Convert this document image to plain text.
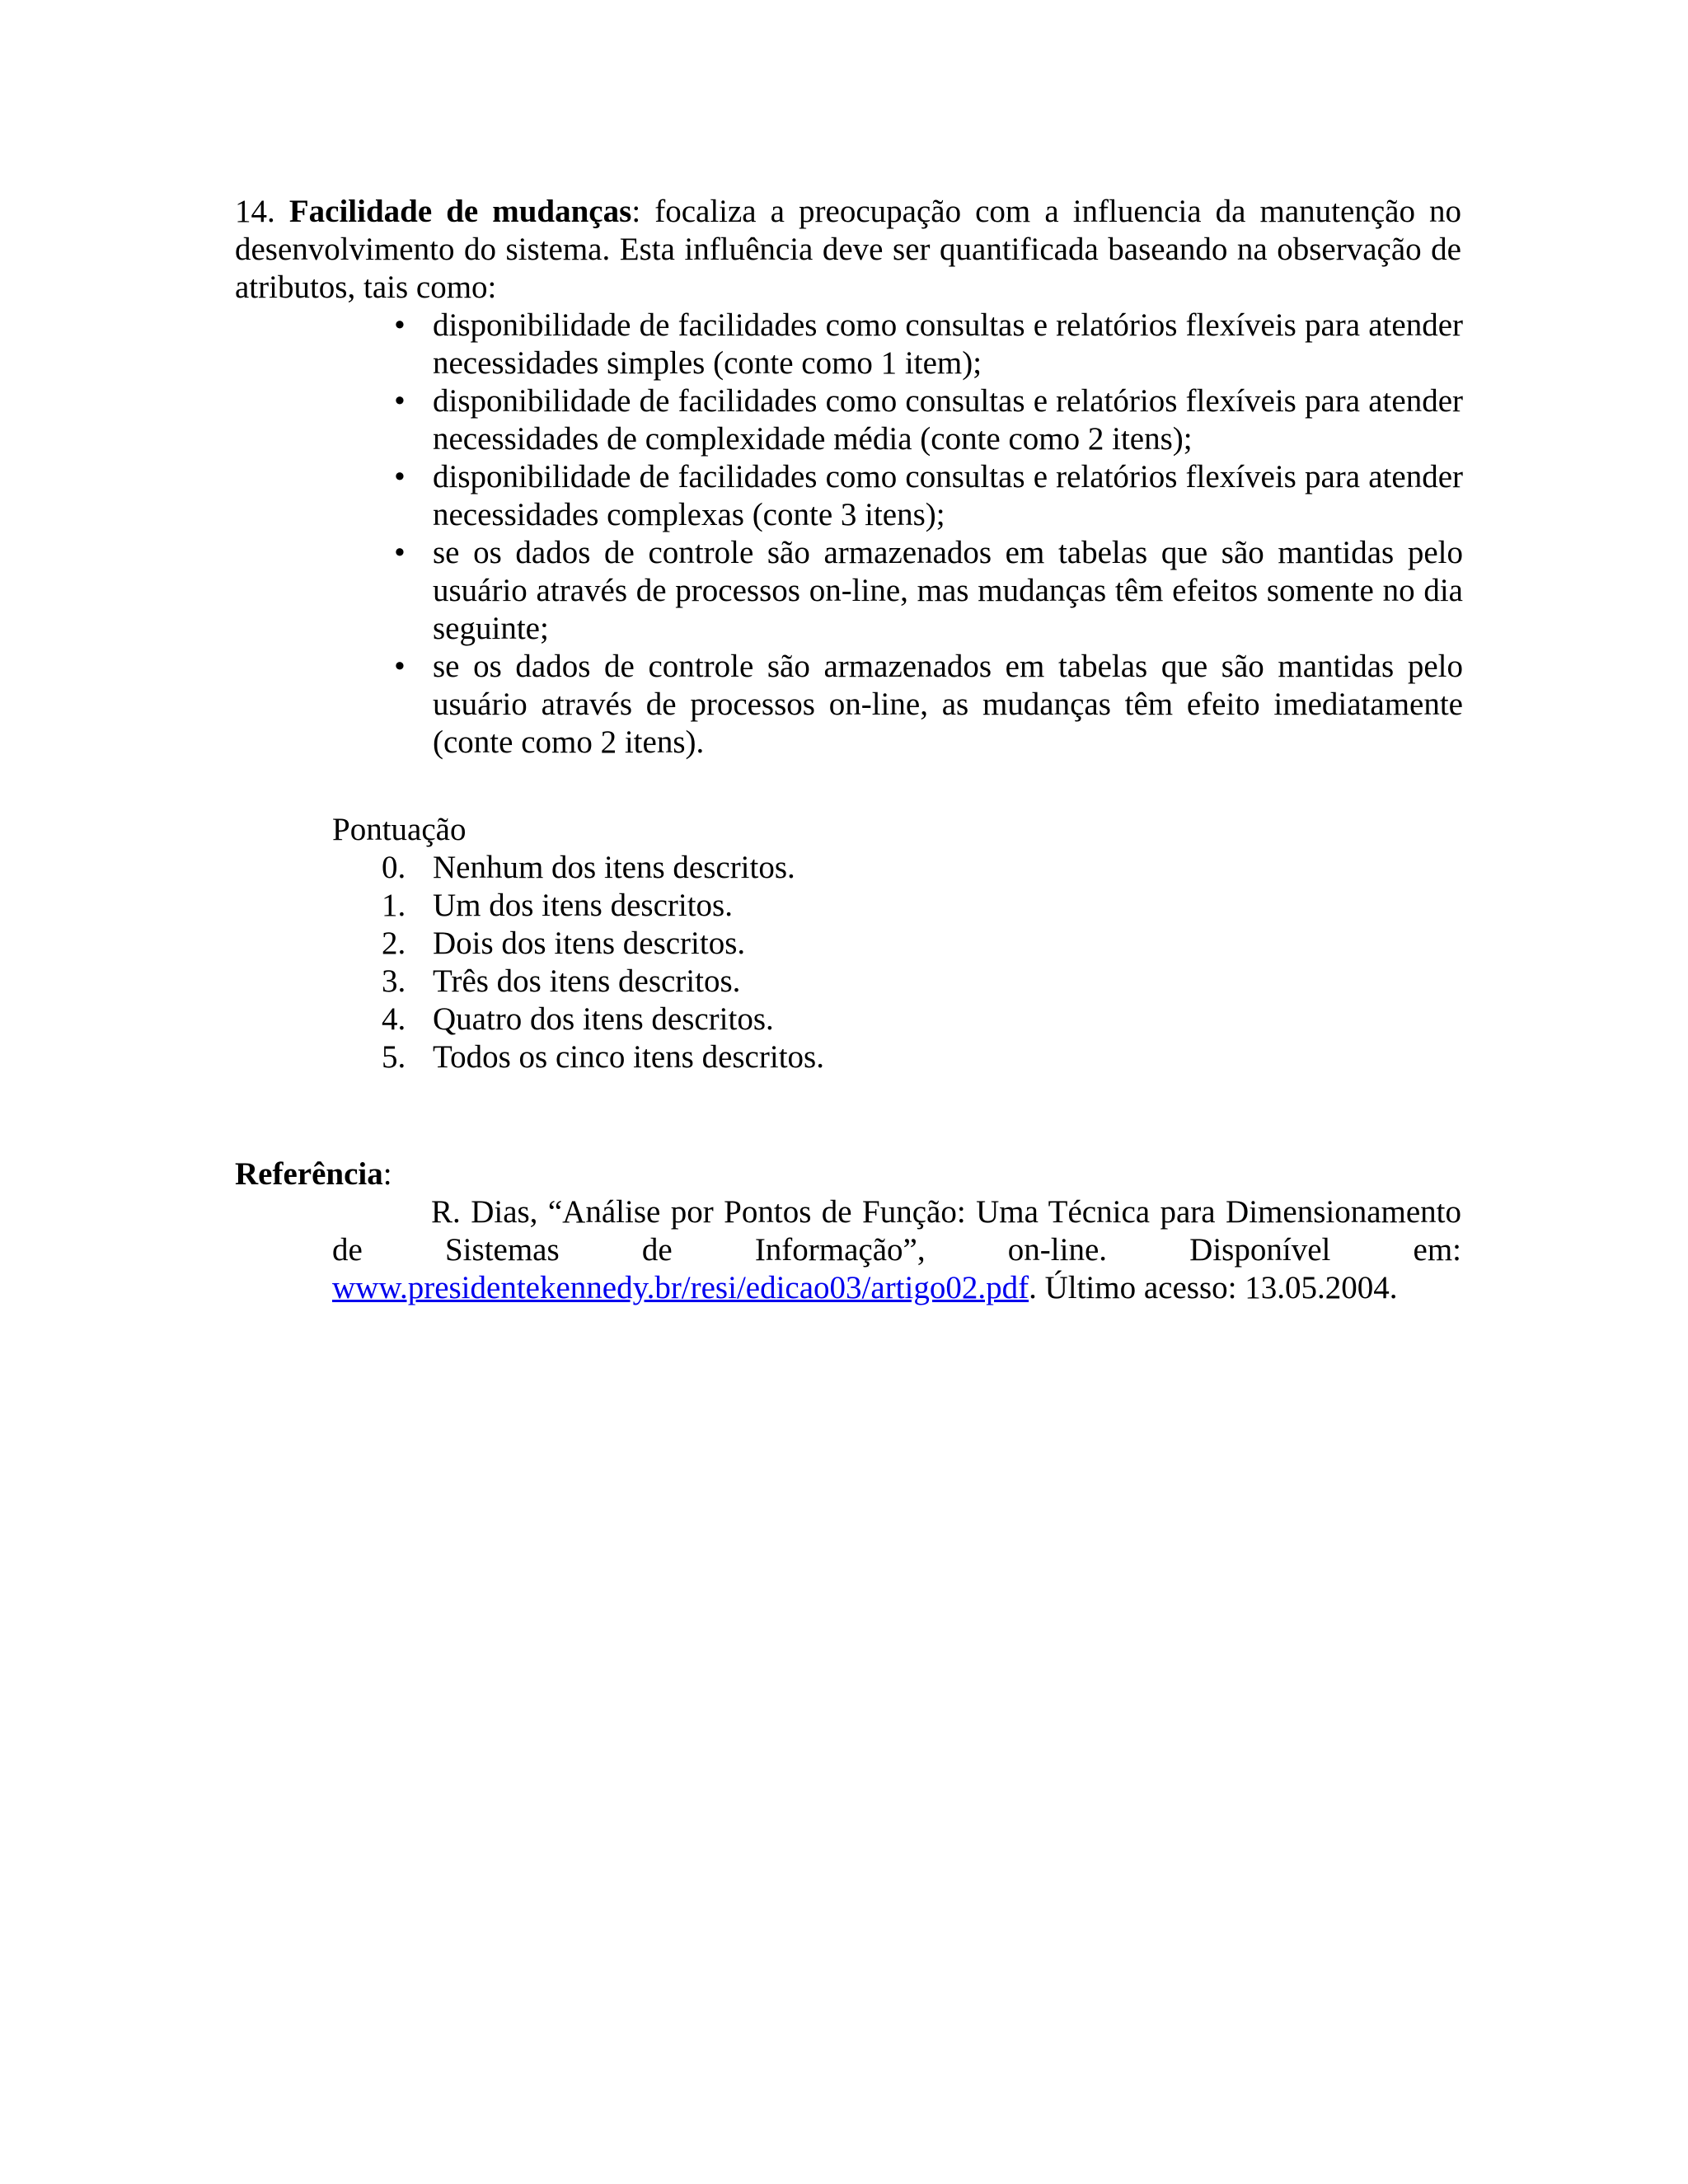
14. Facilidade de mudanças: focaliza a preocupação com a influencia da manutenção no desenvolvimento do sistema. Esta influência deve ser quantificada baseando na observação de atributos, tais como:

• disponibilidade de facilidades como consultas e relatórios flexíveis para atender necessidades simples (conte como 1 item);
• disponibilidade de facilidades como consultas e relatórios flexíveis para atender necessidades de complexidade média (conte como 2 itens);
• disponibilidade de facilidades como consultas e relatórios flexíveis para atender necessidades complexas (conte 3 itens);
• se os dados de controle são armazenados em tabelas que são mantidas pelo usuário através de processos on-line, mas mudanças têm efeitos somente no dia seguinte;
• se os dados de controle são armazenados em tabelas que são mantidas pelo usuário através de processos on-line, as mudanças têm efeito imediatamente (conte como 2 itens).

Pontuação

0. Nenhum dos itens descritos.
1. Um dos itens descritos.
2. Dois dos itens descritos.
3. Três dos itens descritos.
4. Quatro dos itens descritos.
5. Todos os cinco itens descritos.

Referência:

R. Dias, “Análise por Pontos de Função: Uma Técnica para Dimensionamento de Sistemas de Informação”, on-line. Disponível em: www.presidentekennedy.br/resi/edicao03/artigo02.pdf. Último acesso: 13.05.2004.
